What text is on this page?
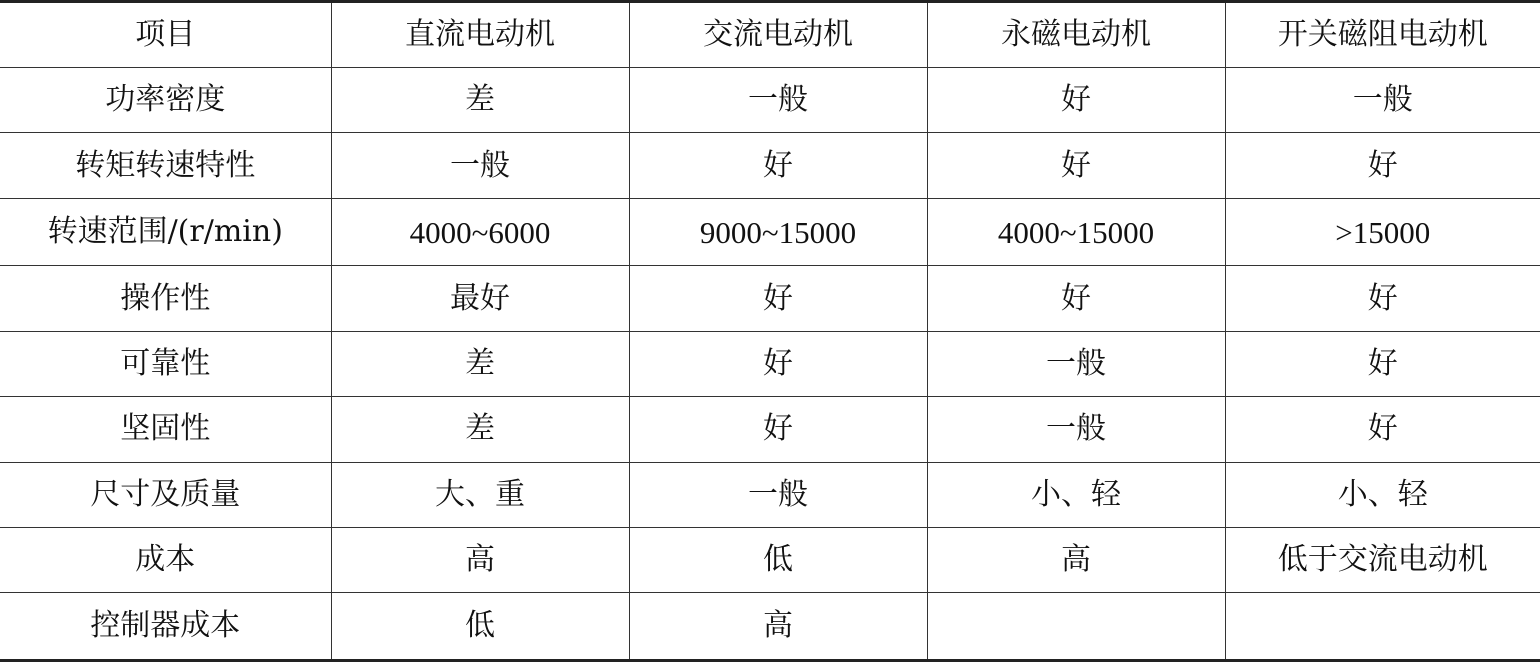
项目	直流电动机	交流电动机	永磁电动机	开关磁阻电动机
功率密度	差	一般	好	一般
转矩转速特性	一般	好	好	好
转速范围/(r/min)	4000~6000	9000~15000	4000~15000	>15000
操作性	最好	好	好	好
可靠性	差	好	一般	好
坚固性	差	好	一般	好
尺寸及质量	大、重	一般	小、轻	小、轻
成本	高	低	高	低于交流电动机
控制器成本	低	高		
